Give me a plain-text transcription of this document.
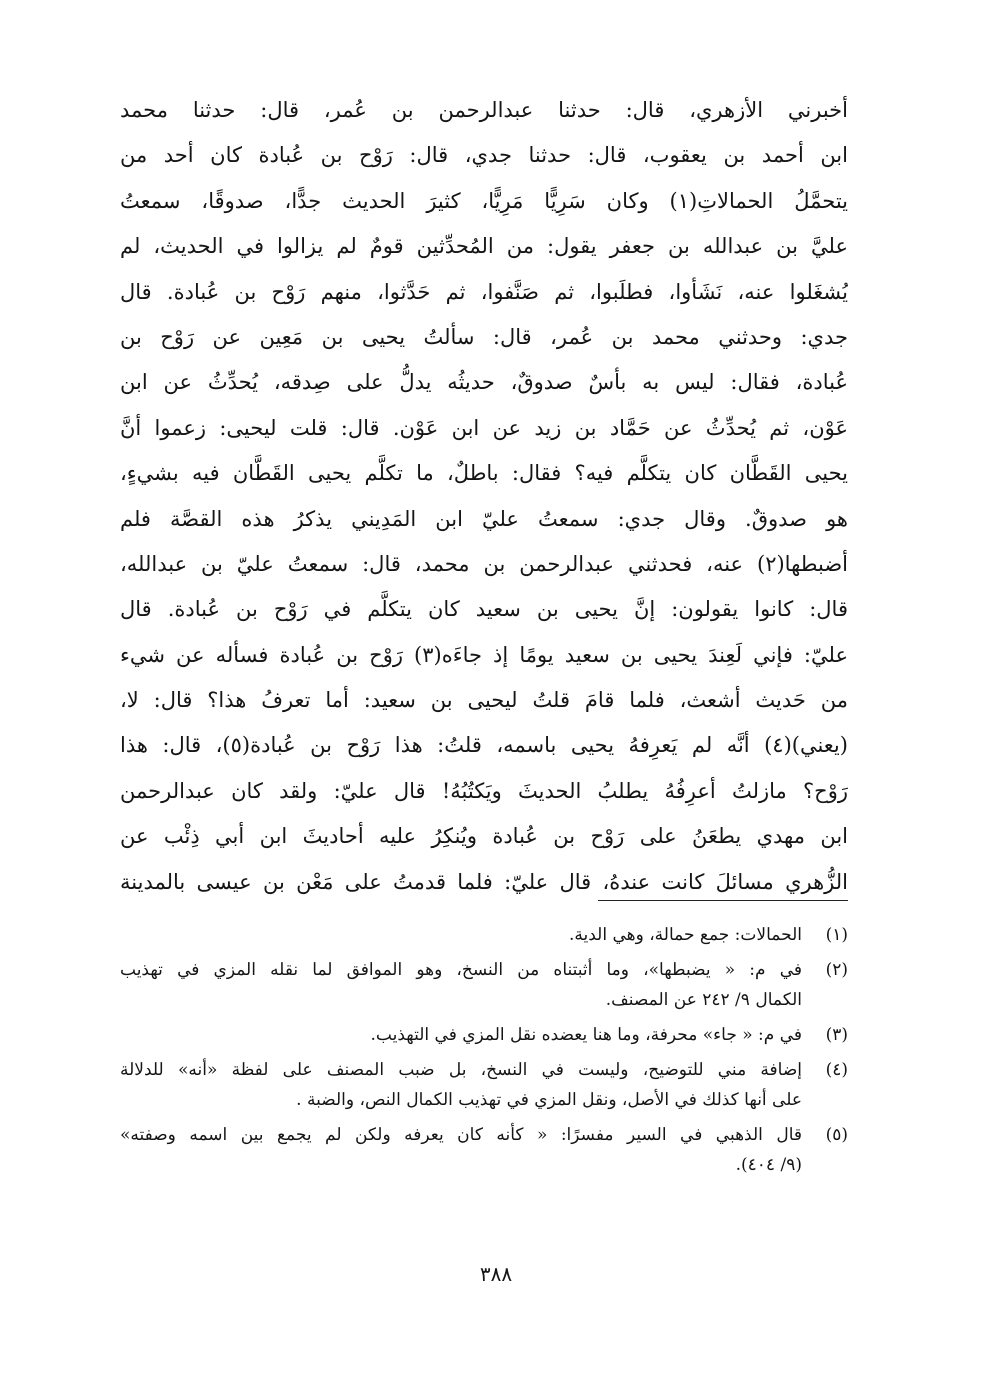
أخبرني الأزهري، قال: حدثنا عبدالرحمن بن عُمر، قال: حدثنا محمد
ابن أحمد بن يعقوب، قال: حدثنا جدي، قال: رَوْح بن عُبادة كان أحد من
يتحمَّلُ الحمالاتِ(١) وكان سَرِيًّا مَرِيًّا، كثيرَ الحديث جدًّا، صدوقًا، سمعتُ
عليَّ بن عبدالله بن جعفر يقول: من المُحدِّثين قومٌ لم يزالوا في الحديث، لم
يُشغَلوا عنه، نَشَأوا، فطلَبوا، ثم صَنَّفوا، ثم حَدَّثوا، منهم رَوْح بن عُبادة. قال
جدي: وحدثني محمد بن عُمر، قال: سألتُ يحيى بن مَعِين عن رَوْح بن
عُبادة، فقال: ليس به بأسٌ صدوقٌ، حديثُه يدلُّ على صِدقه، يُحدِّثُ عن ابن
عَوْن، ثم يُحدِّثُ عن حَمَّاد بن زيد عن ابن عَوْن. قال: قلت ليحيى: زعموا أنَّ
يحيى القَطَّان كان يتكلَّم فيه؟ فقال: باطلٌ، ما تكلَّم يحيى القَطَّان فيه بشيءٍ،
هو صدوقٌ. وقال جدي: سمعتُ عليّ ابن المَدِيني يذكرُ هذه القصَّة فلم
أضبطها(٢) عنه، فحدثني عبدالرحمن بن محمد، قال: سمعتُ عليّ بن عبدالله،
قال: كانوا يقولون: إنَّ يحيى بن سعيد كان يتكلَّم في رَوْح بن عُبادة. قال
عليّ: فإني لَعِندَ يحيى بن سعيد يومًا إذ جاءَه(٣) رَوْح بن عُبادة فسأله عن شيء
من حَديث أشعث، فلما قامَ قلتُ ليحيى بن سعيد: أما تعرفُ هذا؟ قال: لا،
(يعني)(٤) أنَّه لم يَعرِفهُ يحيى باسمه، قلتُ: هذا رَوْح بن عُبادة(٥)، قال: هذا
رَوْح؟ مازلتُ أعرِفُهُ يطلبُ الحديثَ ويَكتُبُهُ! قال عليّ: ولقد كان عبدالرحمن
ابن مهدي يطعَنُ على رَوْح بن عُبادة ويُنكِرُ عليه أحاديثَ ابن أبي ذِئْب عن
الزُّهري مسائلَ كانت عندهُ، قال عليّ: فلما قدمتُ على مَعْن بن عيسى بالمدينة
(١)
الحمالات: جمع حمالة، وهي الدية.
(٢)
في م: « يضبطها»، وما أثبتناه من النسخ، وهو الموافق لما نقله المزي في تهذيب
الكمال ٩/ ٢٤٢ عن المصنف.
(٣)
في م: « جاء» محرفة، وما هنا يعضده نقل المزي في التهذيب.
(٤)
إضافة مني للتوضيح، وليست في النسخ، بل ضبب المصنف على لفظة «أنه» للدلالة
على أنها كذلك في الأصل، ونقل المزي في تهذيب الكمال النص، والضبة .
(٥)
قال الذهبي في السير مفسرًا: « كأنه كان يعرفه ولكن لم يجمع بين اسمه وصفته»
(٩/ ٤٠٤).
٣٨٨
